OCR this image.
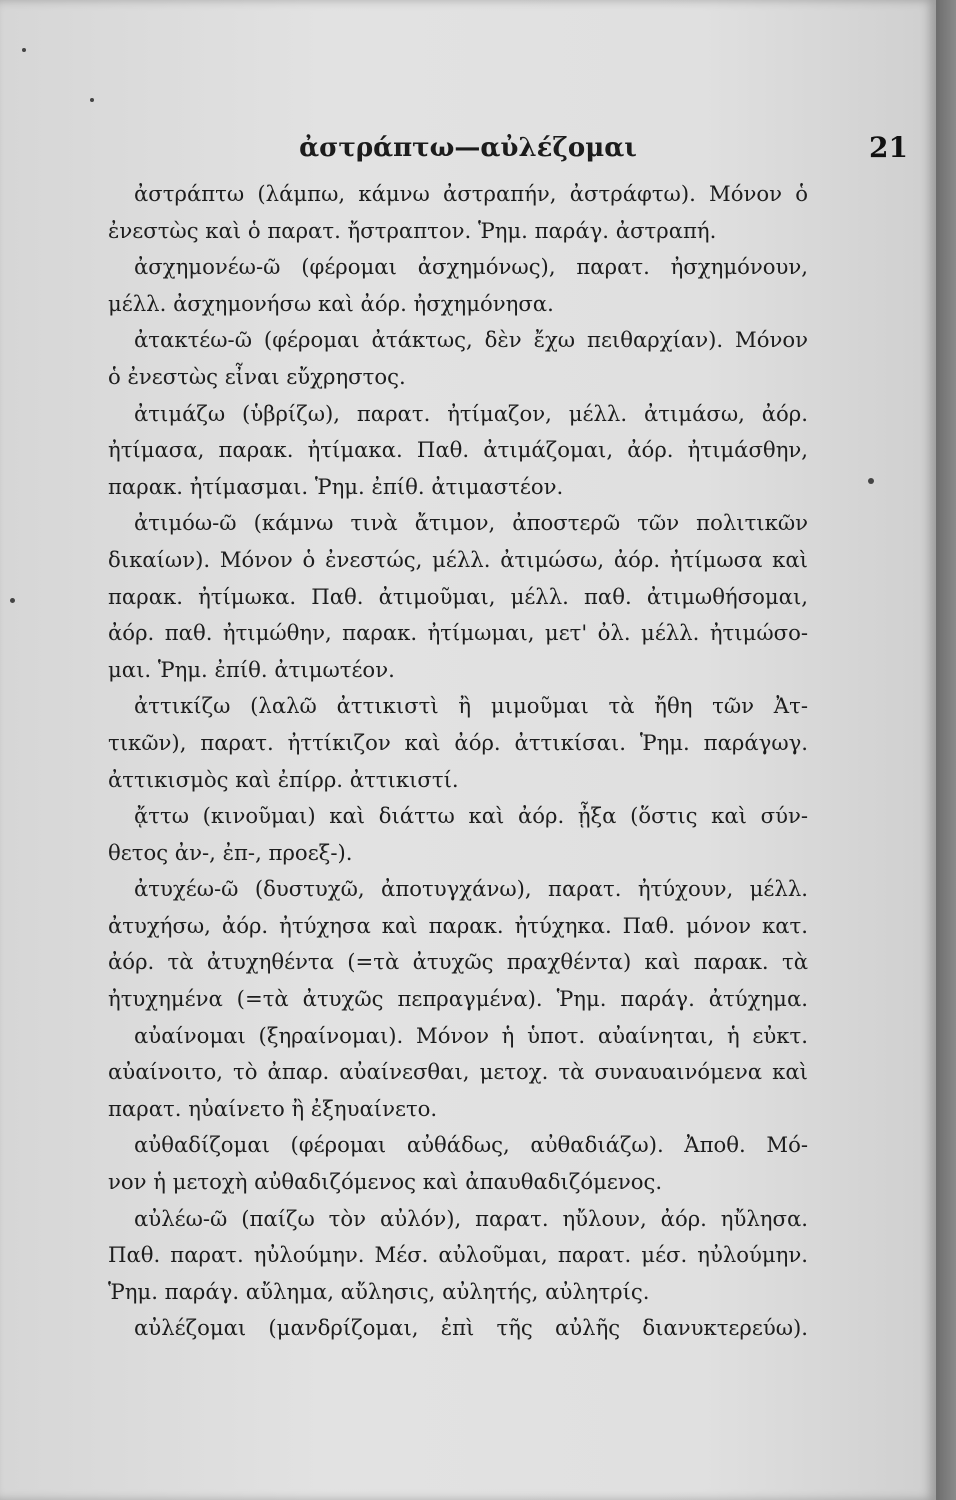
ἀστράπτω—αὐλέζομαι	21
ἀστράπτω (λάμπω, κάμνω ἀστραπήν, ἀστράφτω). Μόνον ὁ
ἐνεστὼς καὶ ὁ παρατ. ἤστραπτον. Ῥημ. παράγ. ἀστραπή.
ἀσχημονέω-ῶ (φέρομαι ἀσχημόνως), παρατ. ἠσχημόνουν,
μέλλ. ἀσχημονήσω καὶ ἀόρ. ἠσχημόνησα.
ἀτακτέω-ῶ (φέρομαι ἀτάκτως, δὲν ἔχω πειθαρχίαν). Μόνον
ὁ ἐνεστὼς εἶναι εὔχρηστος.
ἀτιμάζω (ὑβρίζω), παρατ. ἠτίμαζον, μέλλ. ἀτιμάσω, ἀόρ.
ἠτίμασα, παρακ. ἠτίμακα. Παθ. ἀτιμάζομαι, ἀόρ. ἠτιμάσθην,
παρακ. ἠτίμασμαι. Ῥημ. ἐπίθ. ἀτιμαστέον.
ἀτιμόω-ῶ (κάμνω τινὰ ἄτιμον, ἀποστερῶ τῶν πολιτικῶν
δικαίων). Μόνον ὁ ἐνεστώς, μέλλ. ἀτιμώσω, ἀόρ. ἠτίμωσα καὶ
παρακ. ἠτίμωκα. Παθ. ἀτιμοῦμαι, μέλλ. παθ. ἀτιμωθήσομαι,
ἀόρ. παθ. ἠτιμώθην, παρακ. ἠτίμωμαι, μετ' ὀλ. μέλλ. ἠτιμώσο-
μαι. Ῥημ. ἐπίθ. ἀτιμωτέον.
ἀττικίζω (λαλῶ ἀττικιστὶ ἢ μιμοῦμαι τὰ ἤθη τῶν Ἀτ-
τικῶν), παρατ. ἠττίκιζον καὶ ἀόρ. ἀττικίσαι. Ῥημ. παράγωγ.
ἀττικισμὸς καὶ ἐπίρρ. ἀττικιστί.
ᾄττω (κινοῦμαι) καὶ διάττω καὶ ἀόρ. ᾖξα (ὅστις καὶ σύν-
θετος ἀν-, ἐπ-, προεξ-).
ἀτυχέω-ῶ (δυστυχῶ, ἀποτυγχάνω), παρατ. ἠτύχουν, μέλλ.
ἀτυχήσω, ἀόρ. ἠτύχησα καὶ παρακ. ἠτύχηκα. Παθ. μόνον κατ.
ἀόρ. τὰ ἀτυχηθέντα (=τὰ ἀτυχῶς πραχθέντα) καὶ παρακ. τὰ
ἠτυχημένα (=τὰ ἀτυχῶς πεπραγμένα). Ῥημ. παράγ. ἀτύχημα.
αὐαίνομαι (ξηραίνομαι). Μόνον ἡ ὑποτ. αὐαίνηται, ἡ εὐκτ.
αὐαίνοιτο, τὸ ἀπαρ. αὐαίνεσθαι, μετοχ. τὰ συναυαινόμενα καὶ
παρατ. ηὐαίνετο ἢ ἐξηυαίνετο.
αὐθαδίζομαι (φέρομαι αὐθάδως, αὐθαδιάζω). Ἀποθ. Μό-
νον ἡ μετοχὴ αὐθαδιζόμενος καὶ ἀπαυθαδιζόμενος.
αὐλέω-ῶ (παίζω τὸν αὐλόν), παρατ. ηὔλουν, ἀόρ. ηὔλησα.
Παθ. παρατ. ηὐλούμην. Μέσ. αὐλοῦμαι, παρατ. μέσ. ηὐλούμην.
Ῥημ. παράγ. αὔλημα, αὔλησις, αὐλητής, αὐλητρίς.
αὐλέζομαι (μανδρίζομαι, ἐπὶ τῆς αὐλῆς διανυκτερεύω).
